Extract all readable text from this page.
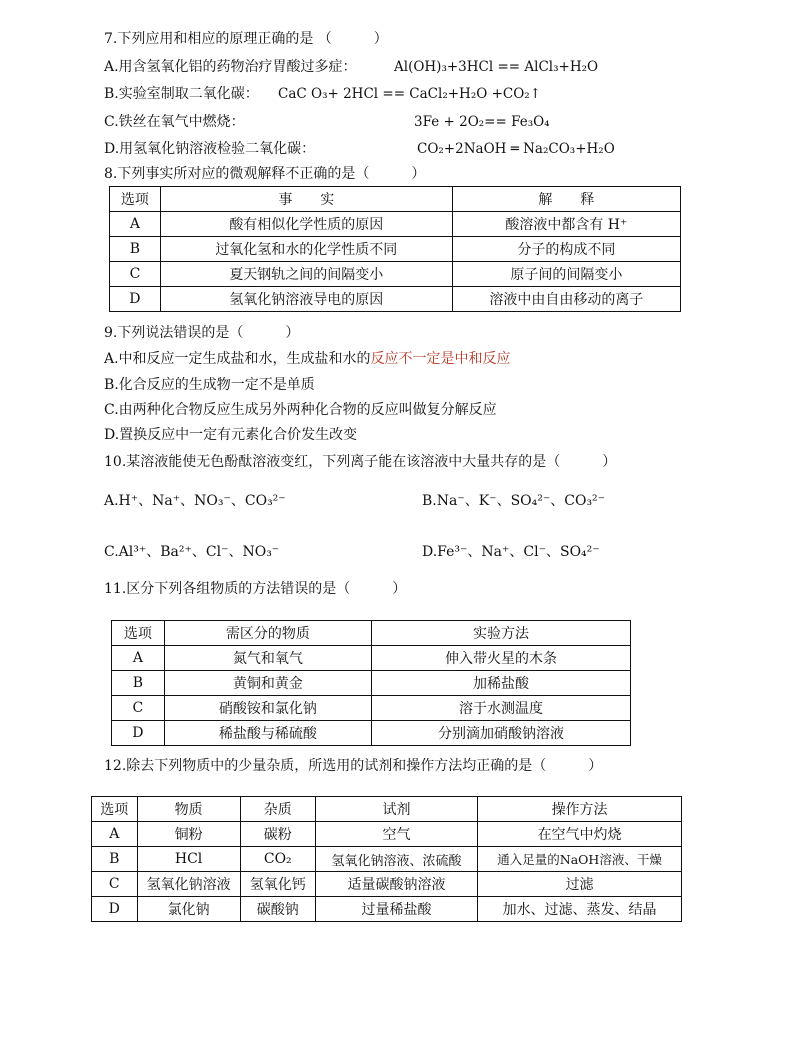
7.下列应用和相应的原理正确的是 （　　　）
A.用含氢氧化铝的药物治疗胃酸过多症：	Al(OH)₃+3HCl == AlCl₃+H₂O
B.实验室制取二氧化碳： CaC O₃+ 2HCl == CaCl₂+H₂O +CO₂↑
C.铁丝在氧气中燃烧：	3Fe + 2O₂== Fe₃O₄
D.用氢氧化钠溶液检验二氧化碳：	CO₂+2NaOH ═ Na₂CO₃+H₂O
8.下列事实所对应的微观解释不正确的是（　　　）
选项	事　　实	解　　释
A	酸有相似化学性质的原因	酸溶液中都含有 H⁺
B	过氧化氢和水的化学性质不同	分子的构成不同
C	夏天钢轨之间的间隔变小	原子间的间隔变小
D	氢氧化钠溶液导电的原因	溶液中由自由移动的离子
9.下列说法错误的是（　　　）
A.中和反应一定生成盐和水，生成盐和水的反应不一定是中和反应
B.化合反应的生成物一定不是单质
C.由两种化合物反应生成另外两种化合物的反应叫做复分解反应
D.置换反应中一定有元素化合价发生改变
10.某溶液能使无色酚酞溶液变红，下列离子能在该溶液中大量共存的是（　　　）
A.H⁺、Na⁺、NO₃⁻、CO₃²⁻	B.Na⁻、K⁻、SO₄²⁻、CO₃²⁻
C.Al³⁺、Ba²⁺、Cl⁻、NO₃⁻	D.Fe³⁻、Na⁺、Cl⁻、SO₄²⁻
11.区分下列各组物质的方法错误的是（　　　）
选项	需区分的物质	实验方法
A	氮气和氧气	伸入带火星的木条
B	黄铜和黄金	加稀盐酸
C	硝酸铵和氯化钠	溶于水测温度
D	稀盐酸与稀硫酸	分别滴加硝酸钠溶液
12.除去下列物质中的少量杂质，所选用的试剂和操作方法均正确的是（　　　）
选项	物质	杂质	试剂	操作方法
A	铜粉	碳粉	空气	在空气中灼烧
B	HCl	CO₂	氢氧化钠溶液、浓硫酸	通入足量的NaOH溶液、干燥
C	氢氧化钠溶液	氢氧化钙	适量碳酸钠溶液	过滤
D	氯化钠	碳酸钠	过量稀盐酸	加水、过滤、蒸发、结晶
